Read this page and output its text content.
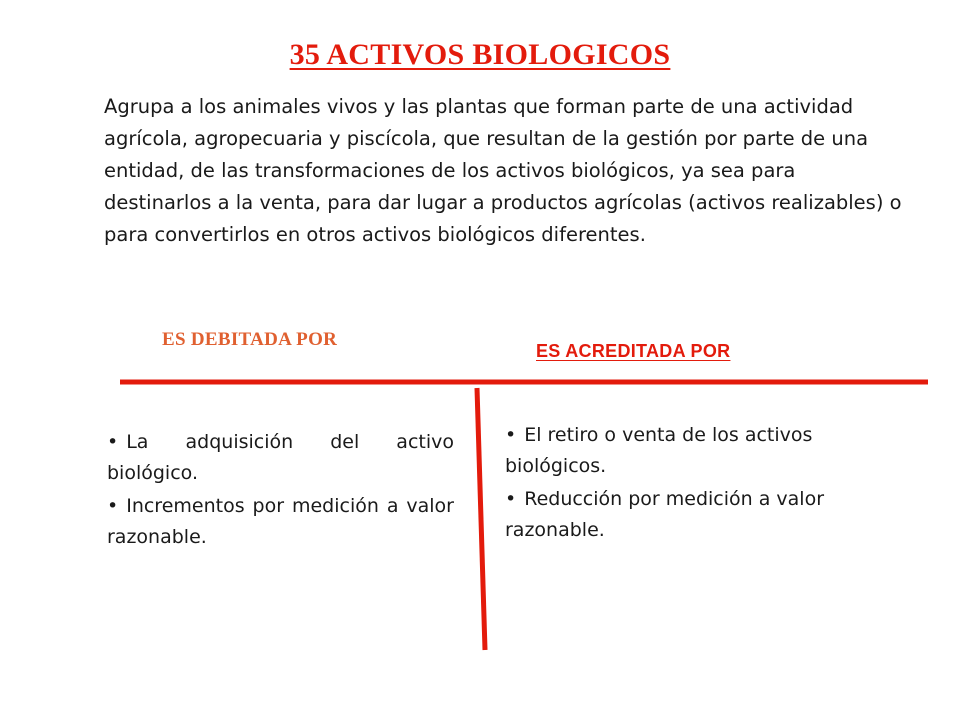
35 ACTIVOS BIOLOGICOS

Agrupa a los animales vivos y las plantas que forman parte de una actividad agrícola, agropecuaria y piscícola, que resultan de la gestión por parte de una entidad, de las transformaciones de los activos biológicos, ya sea para destinarlos a la venta, para dar lugar a productos agrícolas (activos realizables) o para convertirlos en otros activos biológicos diferentes.

ES DEBITADA POR
ES ACREDITADA POR
• La adquisición del activo biológico.
• Incrementos por medición a valor razonable.
• El retiro o venta de los activos biológicos.
• Reducción por medición a valor razonable.
